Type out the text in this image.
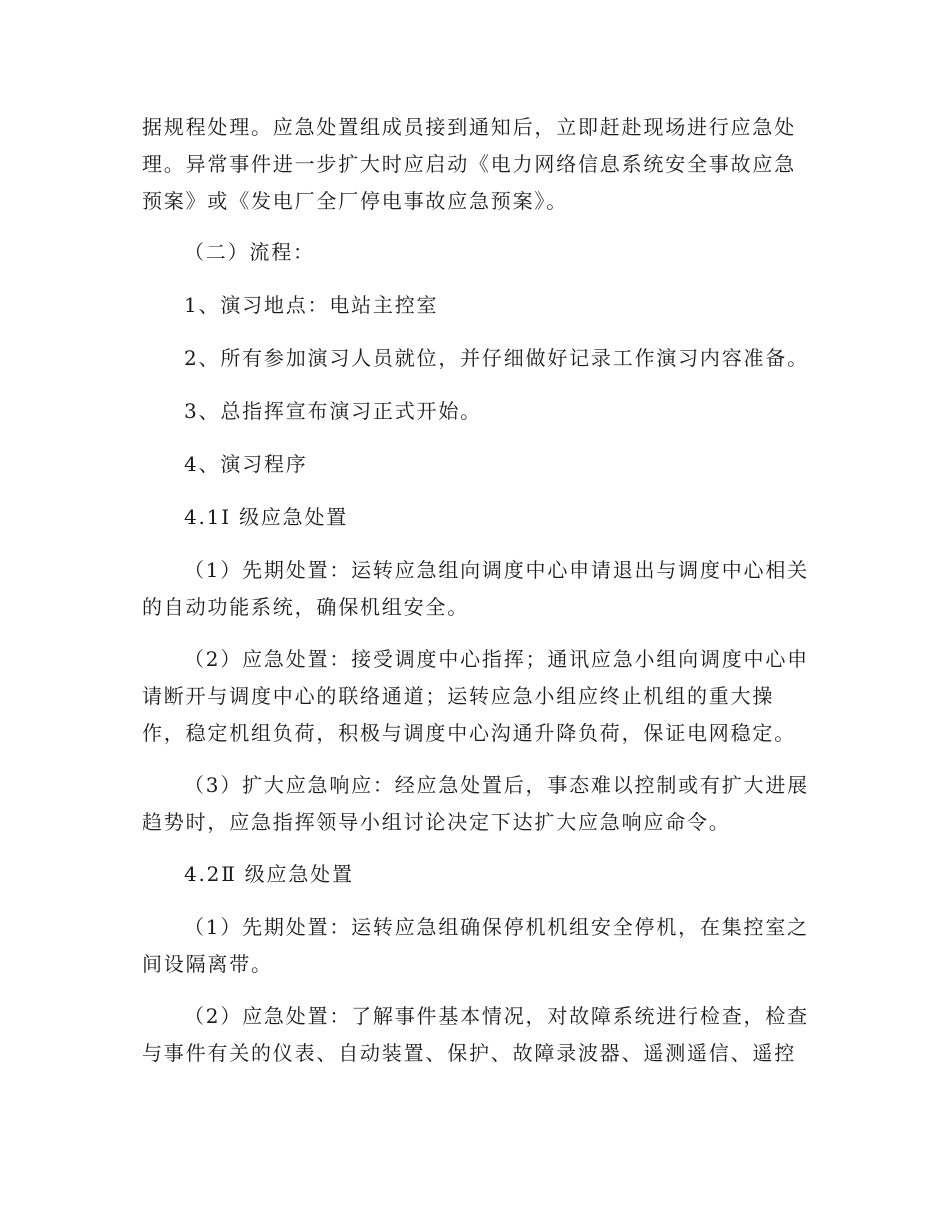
据规程处理。应急处置组成员接到通知后，立即赶赴现场进行应急处
理。异常事件进一步扩大时应启动《电力网络信息系统安全事故应急
预案》或《发电厂全厂停电事故应急预案》。
（二）流程：
1、演习地点：电站主控室
2、所有参加演习人员就位，并仔细做好记录工作演习内容准备。
3、总指挥宣布演习正式开始。
4、演习程序
4.1Ⅰ 级应急处置
（1）先期处置：运转应急组向调度中心申请退出与调度中心相关
的自动功能系统，确保机组安全。
（2）应急处置：接受调度中心指挥；通讯应急小组向调度中心申
请断开与调度中心的联络通道；运转应急小组应终止机组的重大操
作，稳定机组负荷，积极与调度中心沟通升降负荷，保证电网稳定。
（3）扩大应急响应：经应急处置后，事态难以控制或有扩大进展
趋势时，应急指挥领导小组讨论决定下达扩大应急响应命令。
4.2Ⅱ 级应急处置
（1）先期处置：运转应急组确保停机机组安全停机，在集控室之
间设隔离带。
（2）应急处置：了解事件基本情况，对故障系统进行检查，检查
与事件有关的仪表、自动装置、保护、故障录波器、遥测遥信、遥控
